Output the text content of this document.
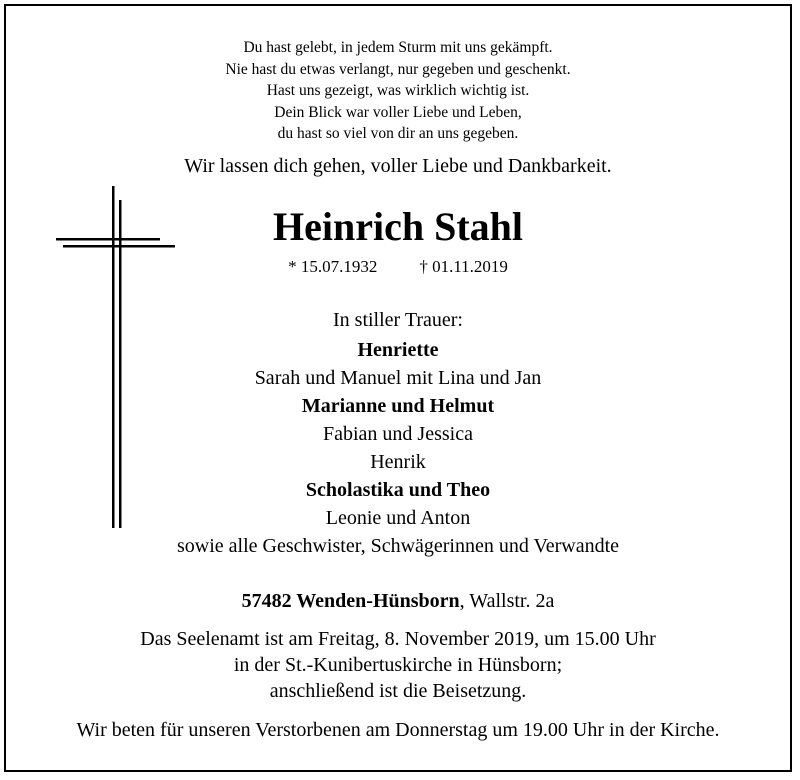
Du hast gelebt, in jedem Sturm mit uns gekämpft.
Nie hast du etwas verlangt, nur gegeben und geschenkt.
Hast uns gezeigt, was wirklich wichtig ist.
Dein Blick war voller Liebe und Leben,
du hast so viel von dir an uns gegeben.
Wir lassen dich gehen, voller Liebe und Dankbarkeit.
Heinrich Stahl
* 15.07.1932 † 01.11.2019
In stiller Trauer:
Henriette
Sarah und Manuel mit Lina und Jan
Marianne und Helmut
Fabian und Jessica
Henrik
Scholastika und Theo
Leonie und Anton
sowie alle Geschwister, Schwägerinnen und Verwandte
57482 Wenden-Hünsborn, Wallstr. 2a
Das Seelenamt ist am Freitag, 8. November 2019, um 15.00 Uhr
in der St.-Kunibertuskirche in Hünsborn;
anschließend ist die Beisetzung.
Wir beten für unseren Verstorbenen am Donnerstag um 19.00 Uhr in der Kirche.
